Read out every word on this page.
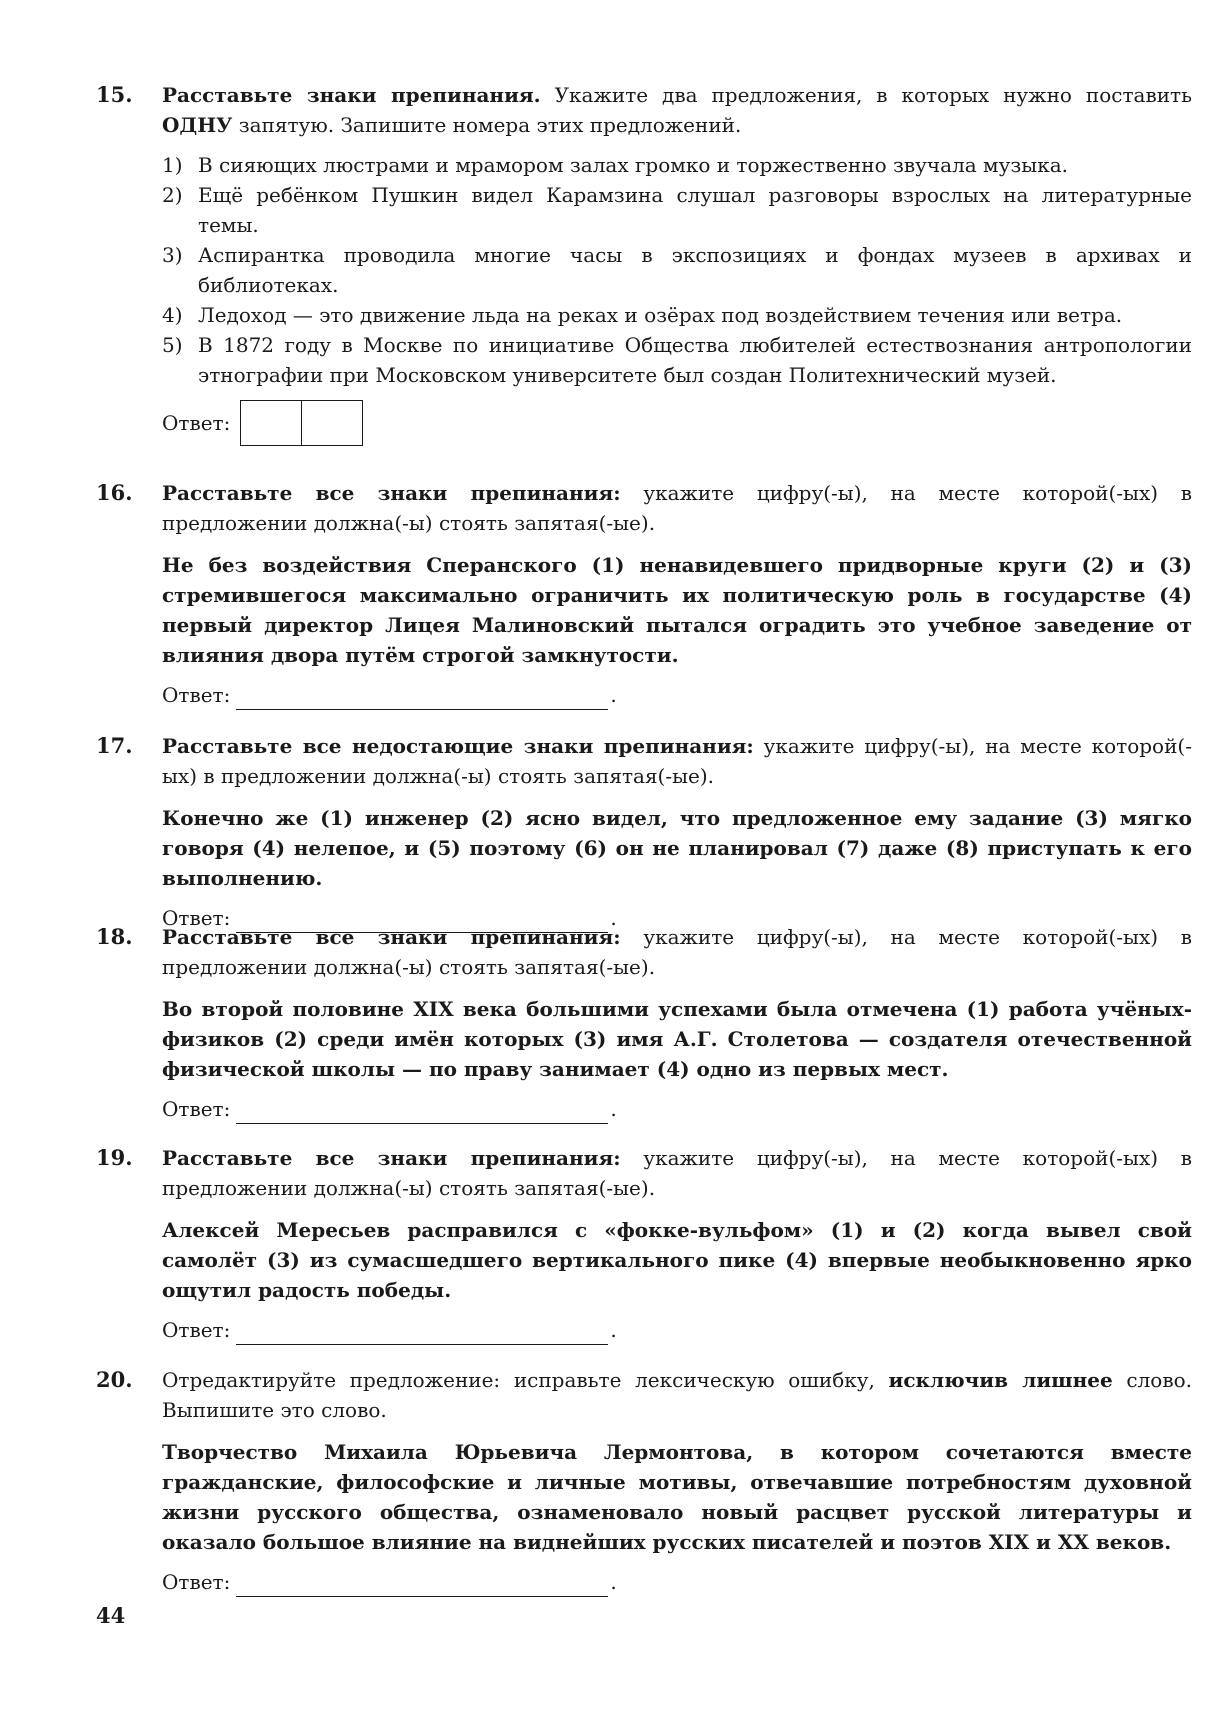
15.	Расставьте знаки препинания. Укажите два предложения, в которых нужно поставить ОДНУ запятую. Запишите номера этих предложений.

1) В сияющих люстрами и мрамором залах громко и торжественно звучала музыка.
2) Ещё ребёнком Пушкин видел Карамзина слушал разговоры взрослых на литературные темы.
3) Аспирантка проводила многие часы в экспозициях и фондах музеев в архивах и библиотеках.
4) Ледоход — это движение льда на реках и озёрах под воздействием течения или ветра.
5) В 1872 году в Москве по инициативе Общества любителей естествознания антропологии этнографии при Московском университете был создан Политехнический музей.
Ответ:
16.	Расставьте все знаки препинания: укажите цифру(-ы), на месте которой(-ых) в предложении должна(-ы) стоять запятая(-ые).

Не без воздействия Сперанского (1) ненавидевшего придворные круги (2) и (3) стремившегося максимально ограничить их политическую роль в государстве (4) первый директор Лицея Малиновский пытался оградить это учебное заведение от влияния двора путём строгой замкнутости.

Ответ:	.
17.	Расставьте все недостающие знаки препинания: укажите цифру(-ы), на месте которой(-ых) в предложении должна(-ы) стоять запятая(-ые).

Конечно же (1) инженер (2) ясно видел, что предложенное ему задание (3) мягко говоря (4) нелепое, и (5) поэтому (6) он не планировал (7) даже (8) приступать к его выполнению.

Ответ:	.
18.	Расставьте все знаки препинания: укажите цифру(-ы), на месте которой(-ых) в предложении должна(-ы) стоять запятая(-ые).

Во второй половине XIX века большими успехами была отмечена (1) работа учёных-физиков (2) среди имён которых (3) имя А.Г. Столетова — создателя отечественной физической школы — по праву занимает (4) одно из первых мест.

Ответ:	.
19.	Расставьте все знаки препинания: укажите цифру(-ы), на месте которой(-ых) в предложении должна(-ы) стоять запятая(-ые).

Алексей Мересьев расправился с «фокке-вульфом» (1) и (2) когда вывел свой самолёт (3) из сумасшедшего вертикального пике (4) впервые необыкновенно ярко ощутил радость победы.

Ответ:	.
20.	Отредактируйте предложение: исправьте лексическую ошибку, исключив лишнее слово. Выпишите это слово.

Творчество Михаила Юрьевича Лермонтова, в котором сочетаются вместе гражданские, философские и личные мотивы, отвечавшие потребностям духовной жизни русского общества, ознаменовало новый расцвет русской литературы и оказало большое влияние на виднейших русских писателей и поэтов XIX и XX веков.

Ответ:	.
44
